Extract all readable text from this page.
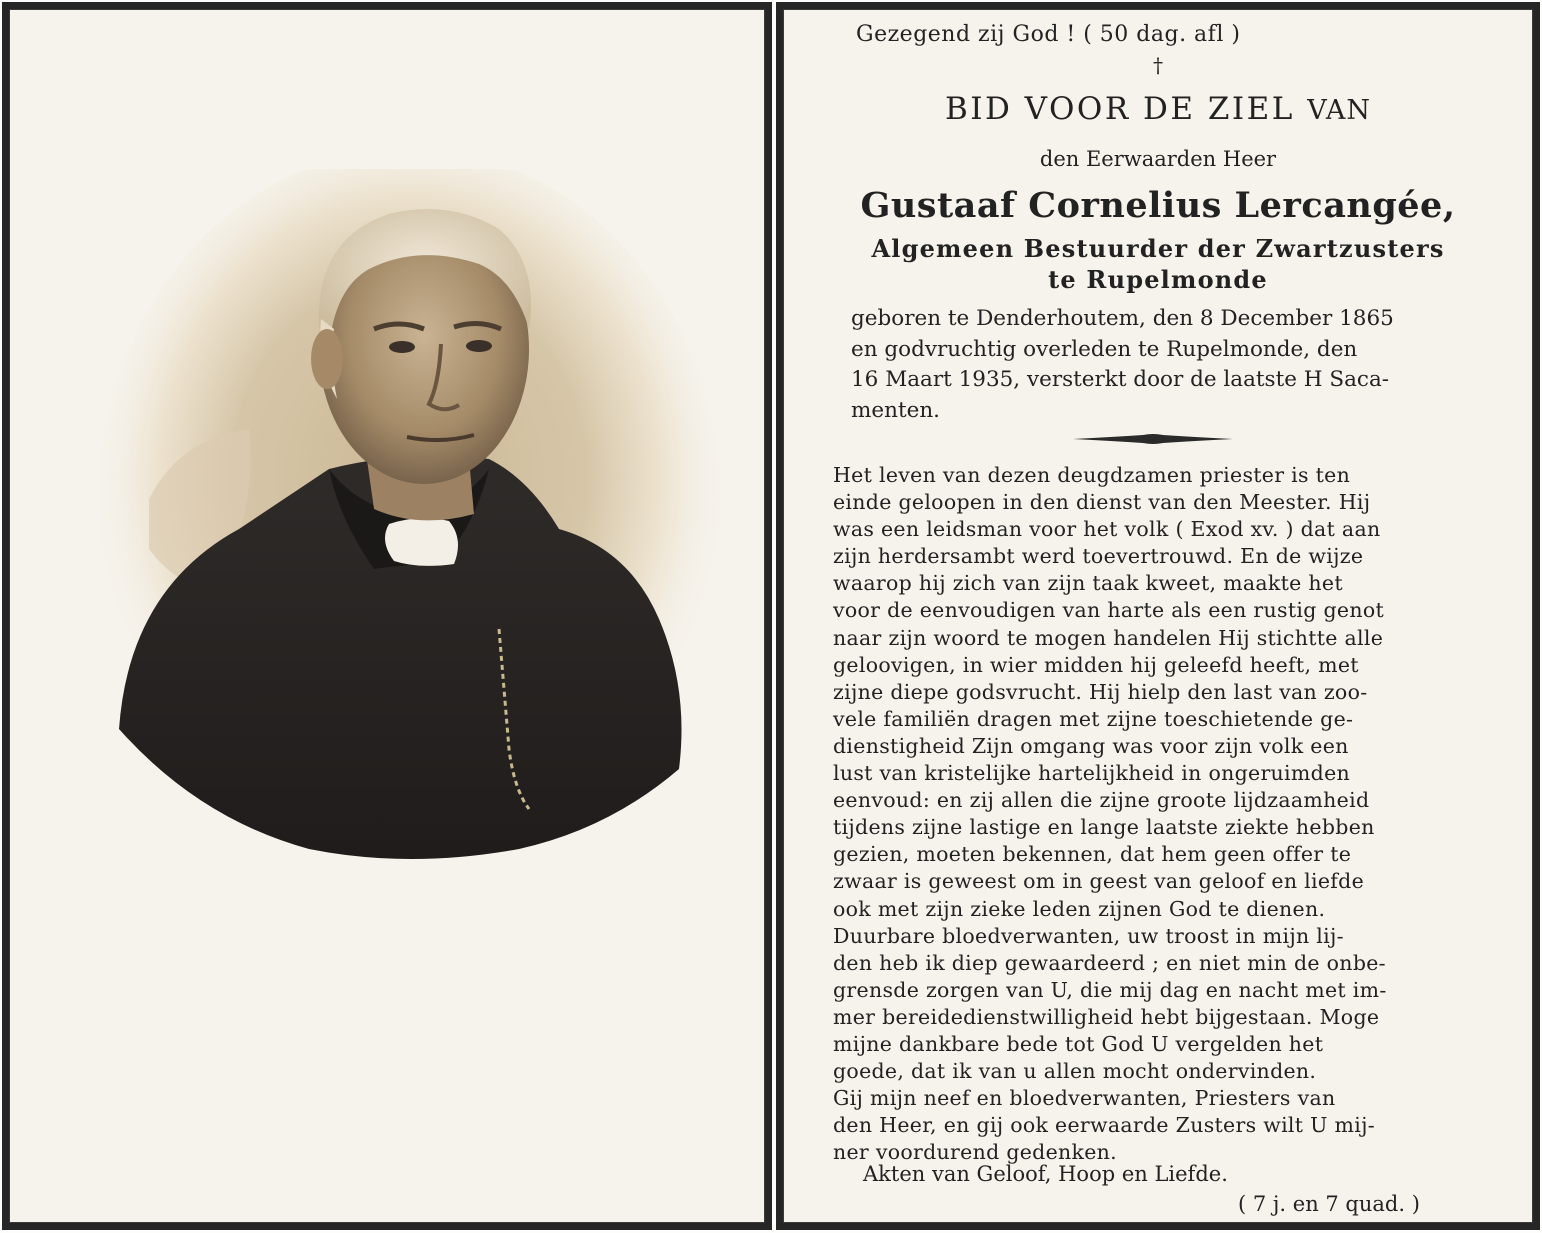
Gezegend zij God ! ( 50 dag. afl )

†

BID VOOR DE ZIEL VAN

den Eerwaarden Heer

Gustaaf Cornelius Lercangée,

Algemeen Bestuurder der Zwartzusters

te Rupelmonde

geboren te Denderhoutem, den 8 December 1865
en godvruchtig overleden te Rupelmonde, den
16 Maart 1935, versterkt door de laatste H Saca-
menten.
Het leven van dezen deugdzamen priester is ten
einde geloopen in den dienst van den Meester. Hij
was een leidsman voor het volk ( Exod xv. ) dat aan
zijn herdersambt werd toevertrouwd. En de wijze
waarop hij zich van zijn taak kweet, maakte het
voor de eenvoudigen van harte als een rustig genot
naar zijn woord te mogen handelen Hij stichtte alle
geloovigen, in wier midden hij geleefd heeft, met
zijne diepe godsvrucht. Hij hielp den last van zoo-
vele familiën dragen met zijne toeschietende ge-
dienstigheid Zijn omgang was voor zijn volk een
lust van kristelijke hartelijkheid in ongeruimden
eenvoud: en zij allen die zijne groote lijdzaamheid
tijdens zijne lastige en lange laatste ziekte hebben
gezien, moeten bekennen, dat hem geen offer te
zwaar is geweest om in geest van geloof en liefde
ook met zijn zieke leden zijnen God te dienen.
Duurbare bloedverwanten, uw troost in mijn lij-
den heb ik diep gewaardeerd ; en niet min de onbe-
grensde zorgen van U, die mij dag en nacht met im-
mer bereidedienstwilligheid hebt bijgestaan. Moge
mijne dankbare bede tot God U vergelden het
goede, dat ik van u allen mocht ondervinden.
Gij mijn neef en bloedverwanten, Priesters van
den Heer, en gij ook eerwaarde Zusters wilt U mij-
ner voordurend gedenken.

Akten van Geloof, Hoop en Liefde.

( 7 j. en 7 quad. )
